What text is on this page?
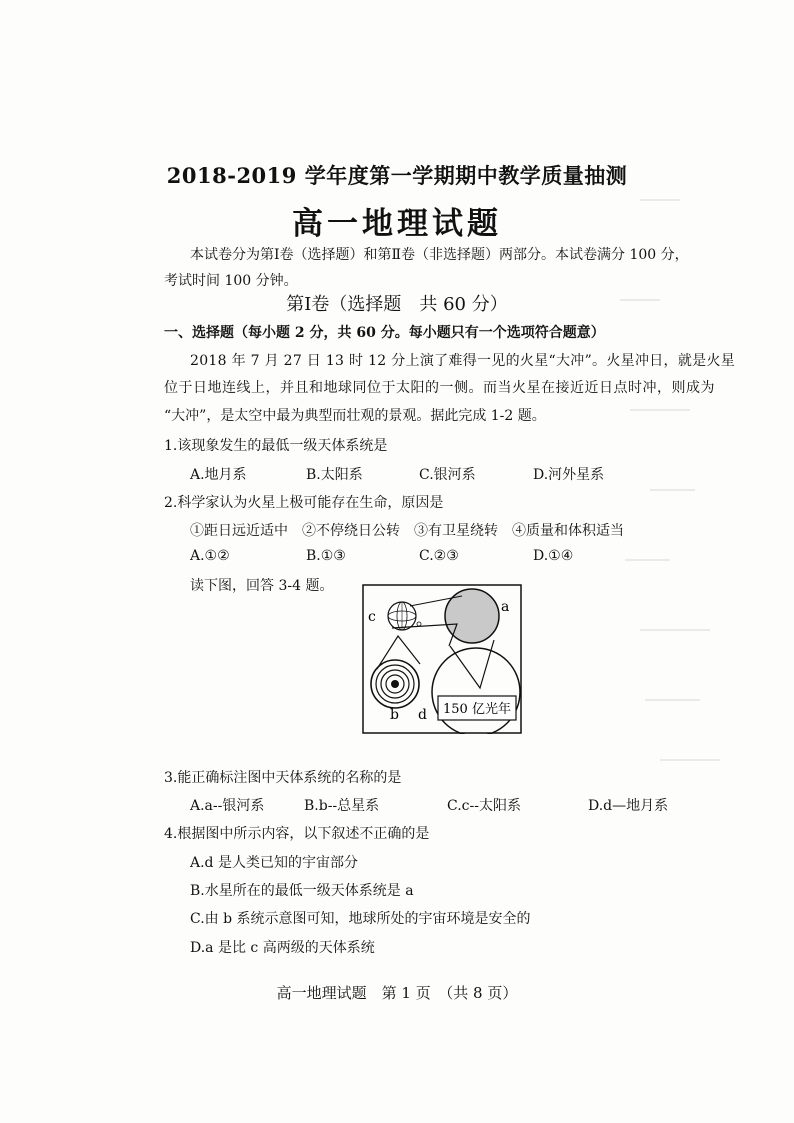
2018-2019 学年度第一学期期中教学质量抽测
高一地理试题
本试卷分为第Ⅰ卷（选择题）和第Ⅱ卷（非选择题）两部分。本试卷满分 100 分，
考试时间 100 分钟。
第Ⅰ卷（选择题　共 60 分）
一、选择题（每小题 2 分，共 60 分。每小题只有一个选项符合题意）
2018 年 7 月 27 日 13 时 12 分上演了难得一见的火星“大冲”。火星冲日，就是火星
位于日地连线上，并且和地球同位于太阳的一侧。而当火星在接近近日点时冲，则成为
“大冲”，是太空中最为典型而壮观的景观。据此完成 1-2 题。
1.该现象发生的最低一级天体系统是
A.地月系	B.太阳系	C.银河系	D.河外星系
2.科学家认为火星上极可能存在生命，原因是
①距日远近适中　②不停绕日公转　③有卫星绕转　④质量和体积适当
A.①②	B.①③	C.②③	D.①④
读下图，回答 3-4 题。
150 亿光年
c
a
b d
3.能正确标注图中天体系统的名称的是
A.a--银河系	B.b--总星系	C.c--太阳系	D.d—地月系
4.根据图中所示内容，以下叙述不正确的是
A.d 是人类已知的宇宙部分
B.水星所在的最低一级天体系统是 a
C.由 b 系统示意图可知，地球所处的宇宙环境是安全的
D.a 是比 c 高两级的天体系统
高一地理试题　第 1 页　（共 8 页）
